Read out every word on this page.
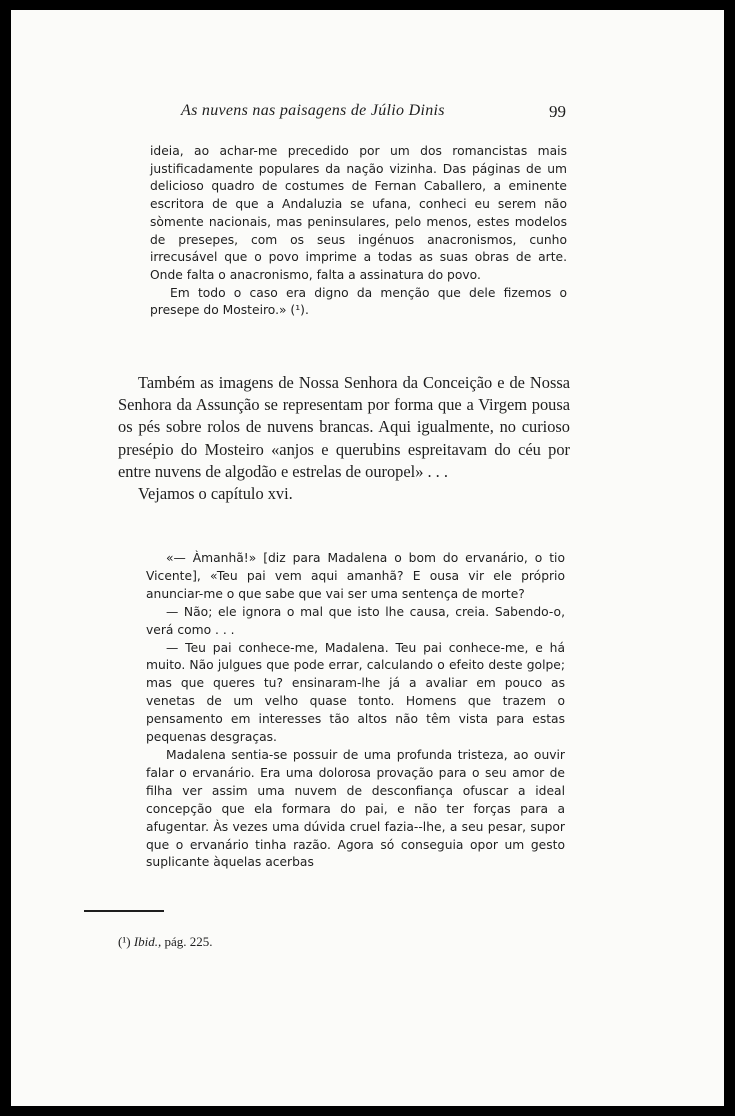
As nuvens nas paisagens de Júlio Dinis	99

ideia, ao achar-me precedido por um dos romancistas mais justificadamente populares da nação vizinha. Das páginas de um delicioso quadro de costumes de Fernan Caballero, a eminente escritora de que a Andaluzia se ufana, conheci eu serem não sòmente nacionais, mas peninsulares, pelo menos, estes modelos de presepes, com os seus ingénuos anacronismos, cunho irrecusável que o povo imprime a todas as suas obras de arte. Onde falta o anacronismo, falta a assinatura do povo.

Em todo o caso era digno da menção que dele fizemos o presepe do Mosteiro.» (¹).

Também as imagens de Nossa Senhora da Conceição e de Nossa Senhora da Assunção se representam por forma que a Virgem pousa os pés sobre rolos de nuvens brancas. Aqui igualmente, no curioso presépio do Mosteiro «anjos e querubins espreitavam do céu por entre nuvens de algodão e estrelas de ouropel» . . .

Vejamos o capítulo xvi.

«— Àmanhã!» [diz para Madalena o bom do ervanário, o tio Vicente], «Teu pai vem aqui amanhã? E ousa vir ele próprio anunciar-me o que sabe que vai ser uma sentença de morte?

— Não; ele ignora o mal que isto lhe causa, creia. Sabendo-o, verá como . . .

— Teu pai conhece-me, Madalena. Teu pai conhece-me, e há muito. Não julgues que pode errar, calculando o efeito deste golpe; mas que queres tu? ensinaram-lhe já a avaliar em pouco as venetas de um velho quase tonto. Homens que trazem o pensamento em interesses tão altos não têm vista para estas pequenas desgraças.

Madalena sentia-se possuir de uma profunda tristeza, ao ouvir falar o ervanário. Era uma dolorosa provação para o seu amor de filha ver assim uma nuvem de desconfiança ofuscar a ideal concepção que ela formara do pai, e não ter forças para a afugentar. Às vezes uma dúvida cruel fazia--lhe, a seu pesar, supor que o ervanário tinha razão. Agora só conseguia opor um gesto suplicante àquelas acerbas

(¹) Ibid., pág. 225.
